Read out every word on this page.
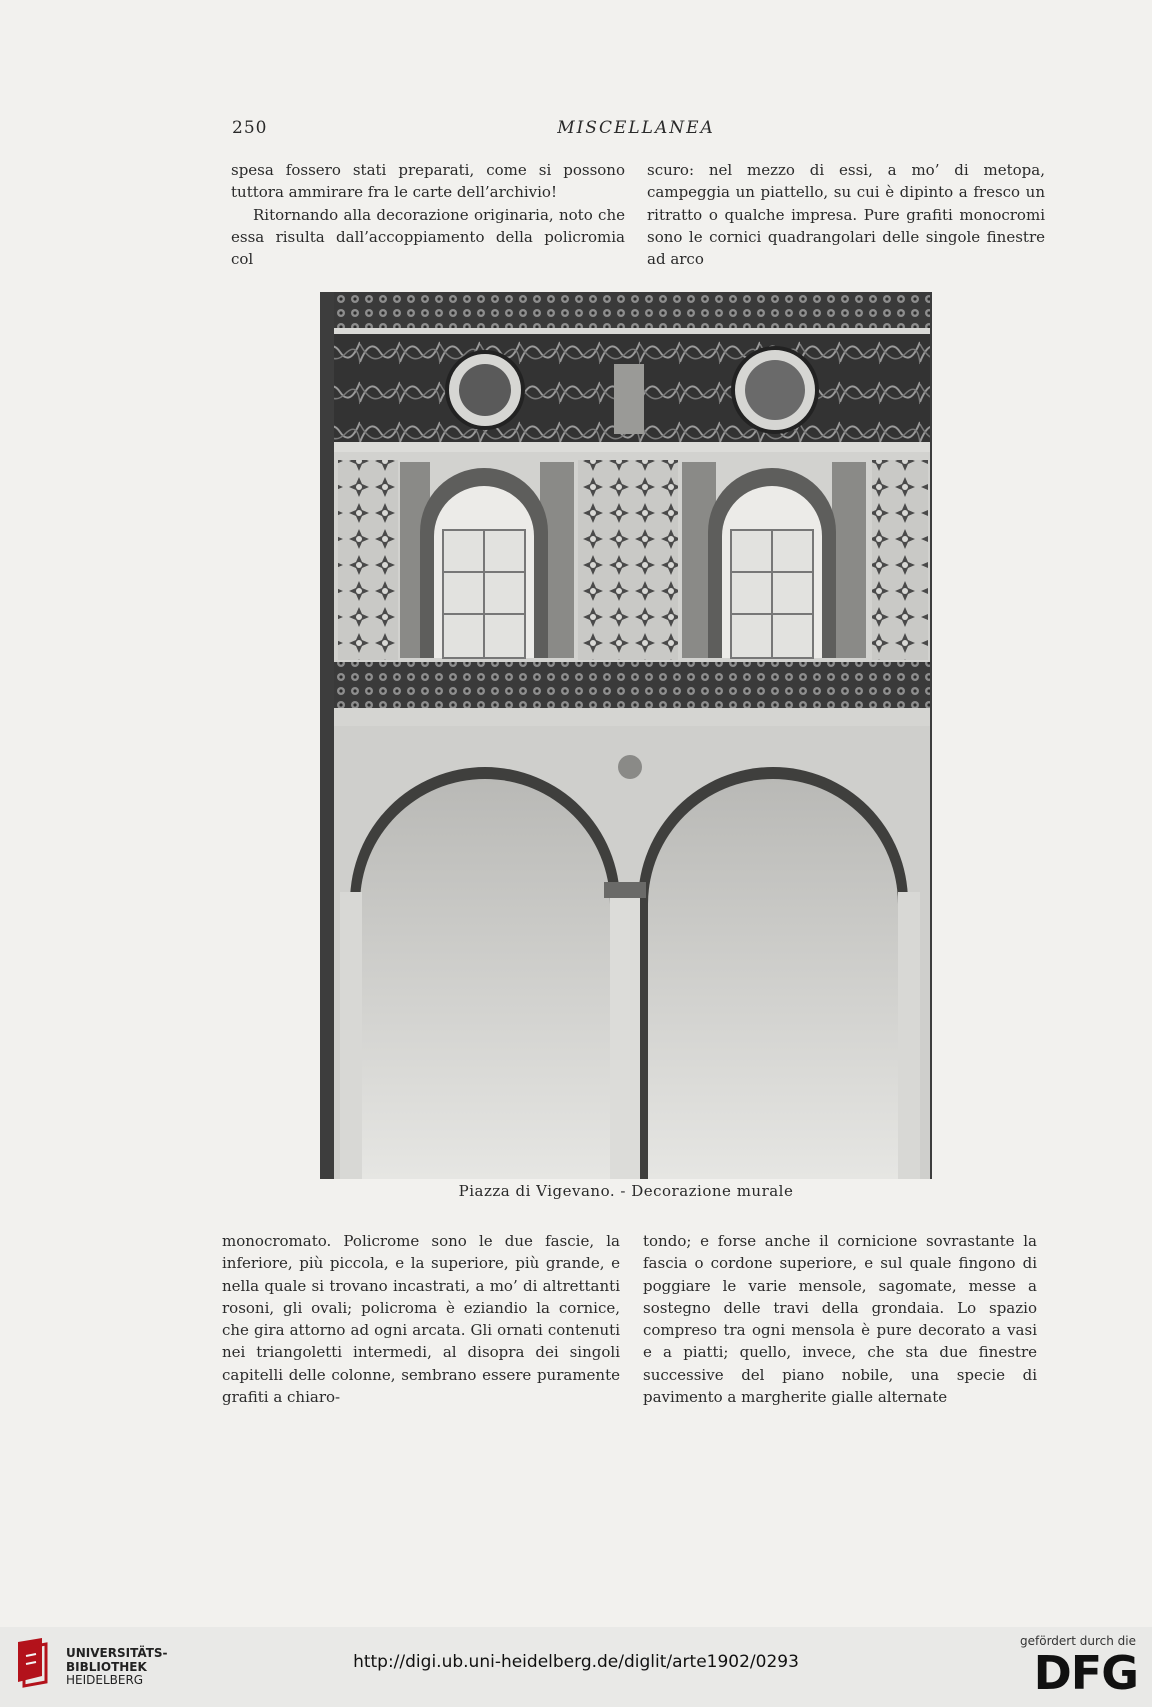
250	MISCELLANEA

spesa fossero stati preparati, come si possono tuttora ammirare fra le carte dell’archivio!

Ritornando alla decorazione originaria, noto che essa risulta dall’accoppiamento della policromia col

scuro: nel mezzo di essi, a mo’ di metopa, campeggia un piattello, su cui è dipinto a fresco un ritratto o qualche impresa. Pure grafiti monocromi sono le cornici quadrangolari delle singole finestre ad arco

Piazza di Vigevano. - Decorazione murale

monocromato. Policrome sono le due fascie, la inferiore, più piccola, e la superiore, più grande, e nella quale si trovano incastrati, a mo’ di altrettanti rosoni, gli ovali; policroma è eziandio la cornice, che gira attorno ad ogni arcata. Gli ornati contenuti nei triangoletti intermedi, al disopra dei singoli capitelli delle colonne, sembrano essere puramente grafiti a chiaro-

tondo; e forse anche il cornicione sovrastante la fascia o cordone superiore, e sul quale fingono di poggiare le varie mensole, sagomate, messe a sostegno delle travi della grondaia. Lo spazio compreso tra ogni mensola è pure decorato a vasi e a piatti; quello, invece, che sta due finestre successive del piano nobile, una specie di pavimento a margherite gialle alternate

UNIVERSITÄTS-
BIBLIOTHEK
HEIDELBERG
http://digi.ub.uni-heidelberg.de/diglit/arte1902/0293
gefördert durch die
DFG
